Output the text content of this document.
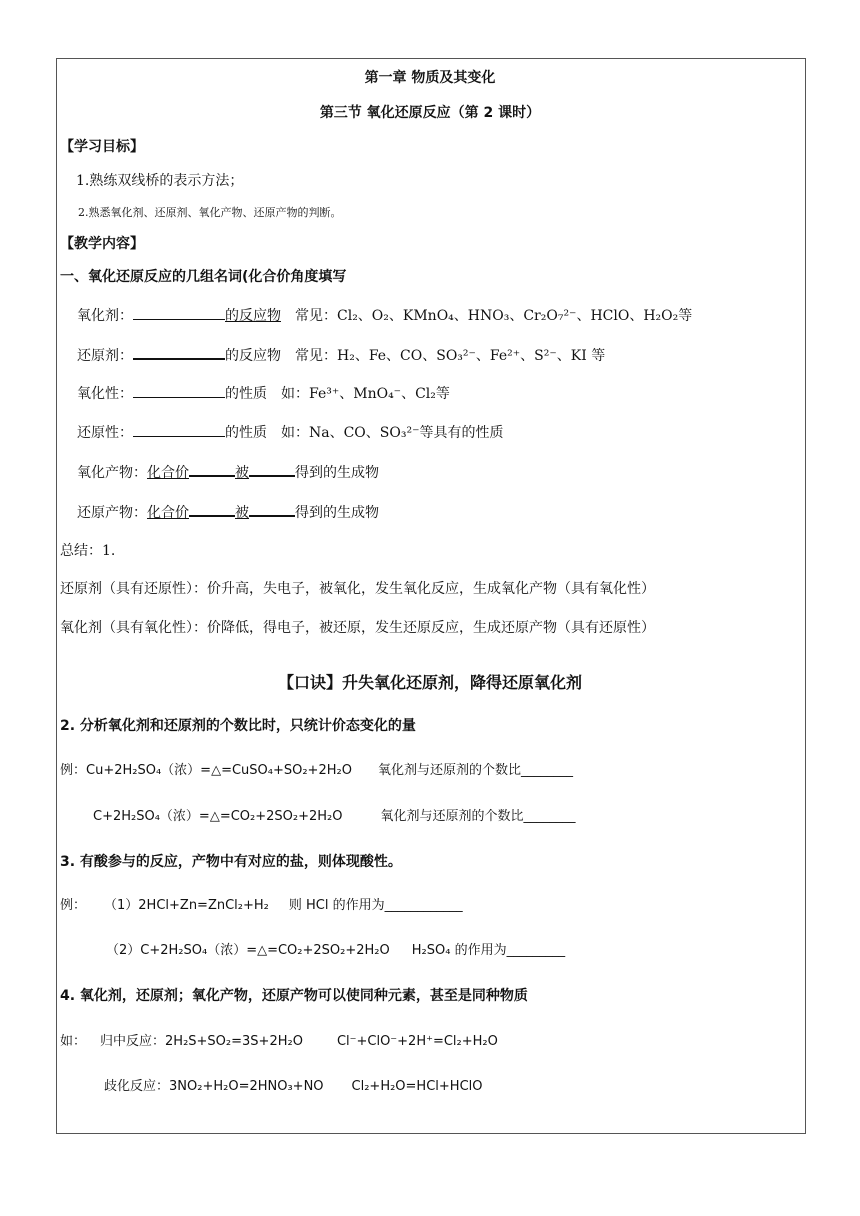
第一章 物质及其变化
第三节 氧化还原反应（第 2 课时）
【学习目标】
1.熟练双线桥的表示方法；
2.熟悉氧化剂、还原剂、氧化产物、还原产物的判断。
【教学内容】
一、氧化还原反应的几组名词(化合价角度填写
氧化剂：	的反应物 常见：Cl₂、O₂、KMnO₄、HNO₃、Cr₂O₇²⁻、HClO、H₂O₂等
还原剂：	的反应物 常见：H₂、Fe、CO、SO₃²⁻、Fe²⁺、S²⁻、KI 等
氧化性：	的性质 如：Fe³⁺、MnO₄⁻、Cl₂等
还原性：	的性质 如：Na、CO、SO₃²⁻等具有的性质
氧化产物：化合价	被	得到的生成物
还原产物：化合价	被	得到的生成物
总结：1.
还原剂（具有还原性）：价升高，失电子，被氧化，发生氧化反应，生成氧化产物（具有氧化性）
氧化剂（具有氧化性）：价降低，得电子，被还原，发生还原反应，生成还原产物（具有还原性）
【口诀】升失氧化还原剂，降得还原氧化剂
2. 分析氧化剂和还原剂的个数比时，只统计价态变化的量
例：Cu+2H₂SO₄（浓）=△=CuSO₄+SO₂+2H₂O 氧化剂与还原剂的个数比________
C+2H₂SO₄（浓）=△=CO₂+2SO₂+2H₂O	氧化剂与还原剂的个数比________
3. 有酸参与的反应，产物中有对应的盐，则体现酸性。
例： （1）2HCl+Zn=ZnCl₂+H₂ 则 HCl 的作用为____________
（2）C+2H₂SO₄（浓）=△=CO₂+2SO₂+2H₂O H₂SO₄ 的作用为_________
4. 氧化剂，还原剂；氧化产物，还原产物可以使同种元素，甚至是同种物质
如： 归中反应：2H₂S+SO₂=3S+2H₂O	Cl⁻+ClO⁻+2H⁺=Cl₂+H₂O
歧化反应：3NO₂+H₂O=2HNO₃+NO Cl₂+H₂O=HCl+HClO
